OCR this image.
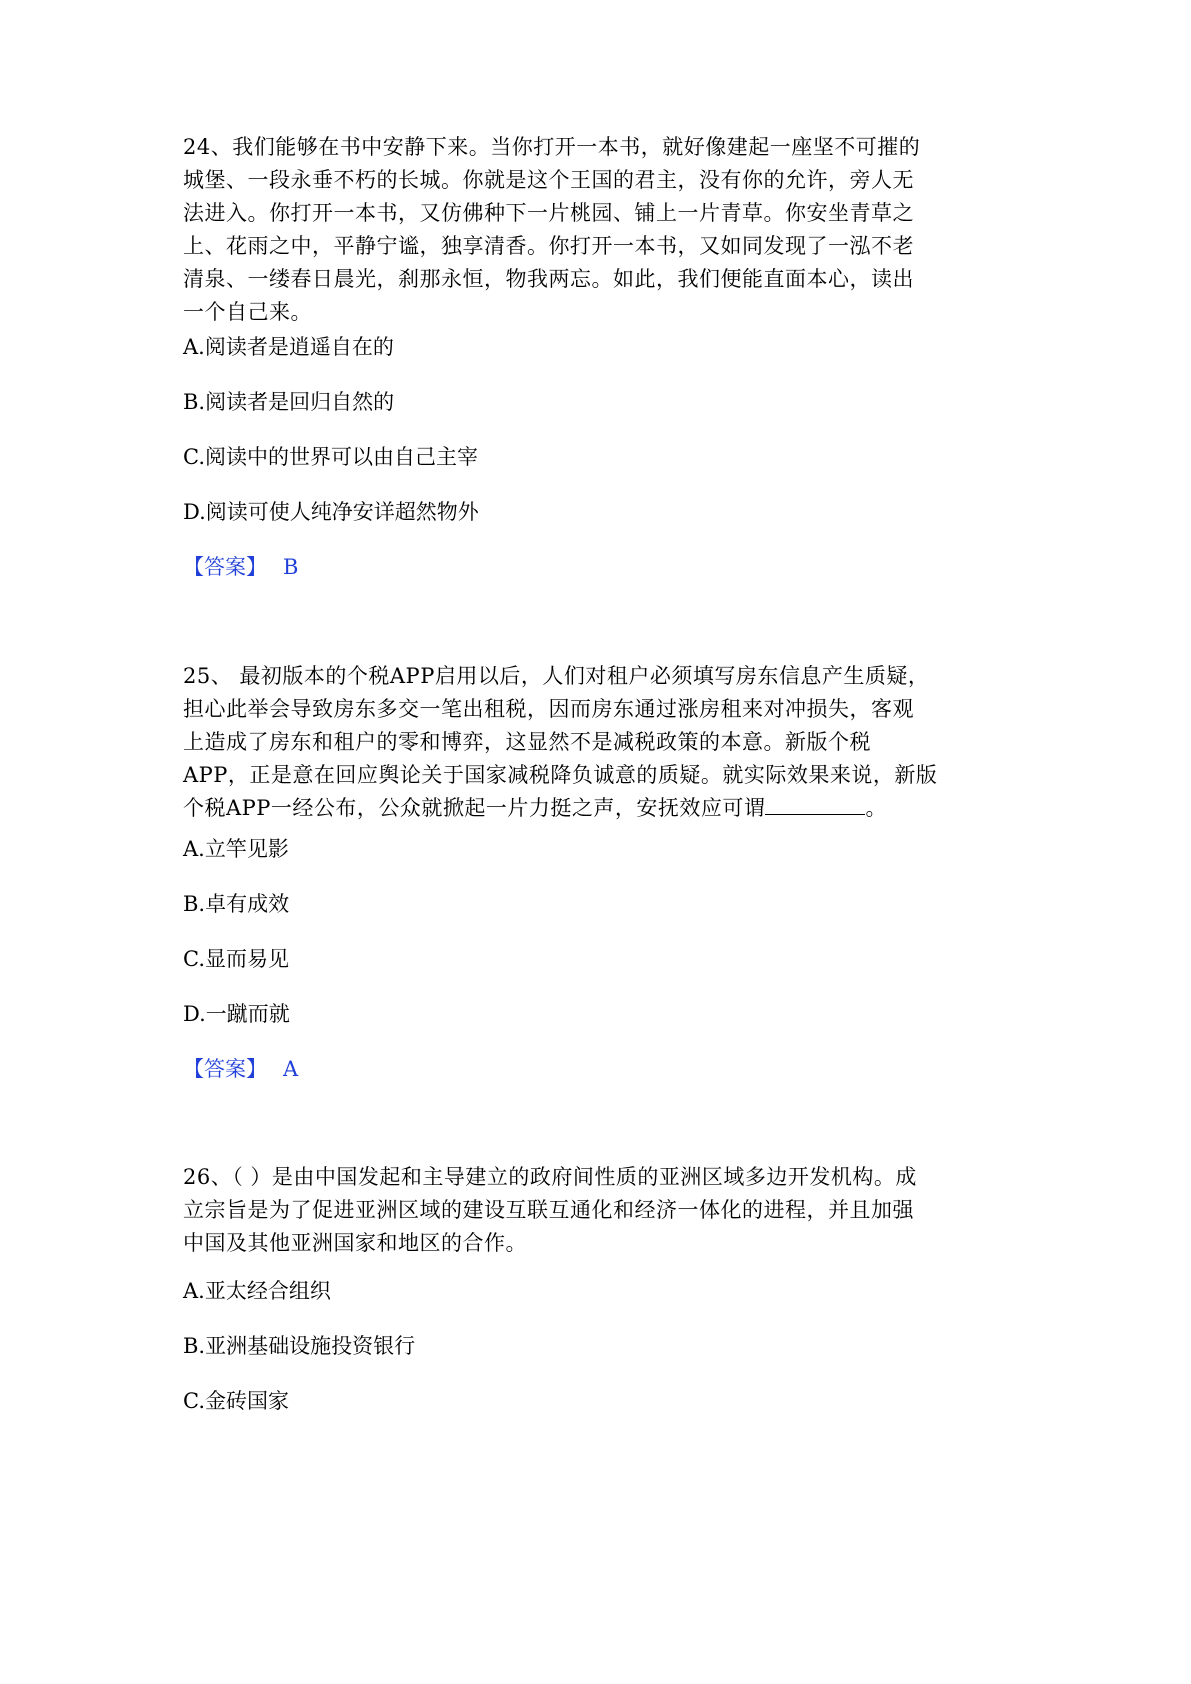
24、我们能够在书中安静下来。当你打开一本书，就好像建起一座坚不可摧的
城堡、一段永垂不朽的长城。你就是这个王国的君主，没有你的允许，旁人无
法进入。你打开一本书，又仿佛种下一片桃园、铺上一片青草。你安坐青草之
上、花雨之中，平静宁谧，独享清香。你打开一本书，又如同发现了一泓不老
清泉、一缕春日晨光，刹那永恒，物我两忘。如此，我们便能直面本心，读出
一个自己来。

A.阅读者是逍遥自在的

B.阅读者是回归自然的

C.阅读中的世界可以由自己主宰

D.阅读可使人纯净安详超然物外

【答案】 B

25、 最初版本的个税APP启用以后，人们对租户必须填写房东信息产生质疑，
担心此举会导致房东多交一笔出租税，因而房东通过涨房租来对冲损失，客观
上造成了房东和租户的零和博弈，这显然不是减税政策的本意。新版个税
APP，正是意在回应舆论关于国家减税降负诚意的质疑。就实际效果来说，新版
个税APP一经公布，公众就掀起一片力挺之声，安抚效应可谓	。

A.立竿见影

B.卓有成效

C.显而易见

D.一蹴而就

【答案】 A

26、（ ）是由中国发起和主导建立的政府间性质的亚洲区域多边开发机构。成
立宗旨是为了促进亚洲区域的建设互联互通化和经济一体化的进程，并且加强
中国及其他亚洲国家和地区的合作。

A.亚太经合组织

B.亚洲基础设施投资银行

C.金砖国家
